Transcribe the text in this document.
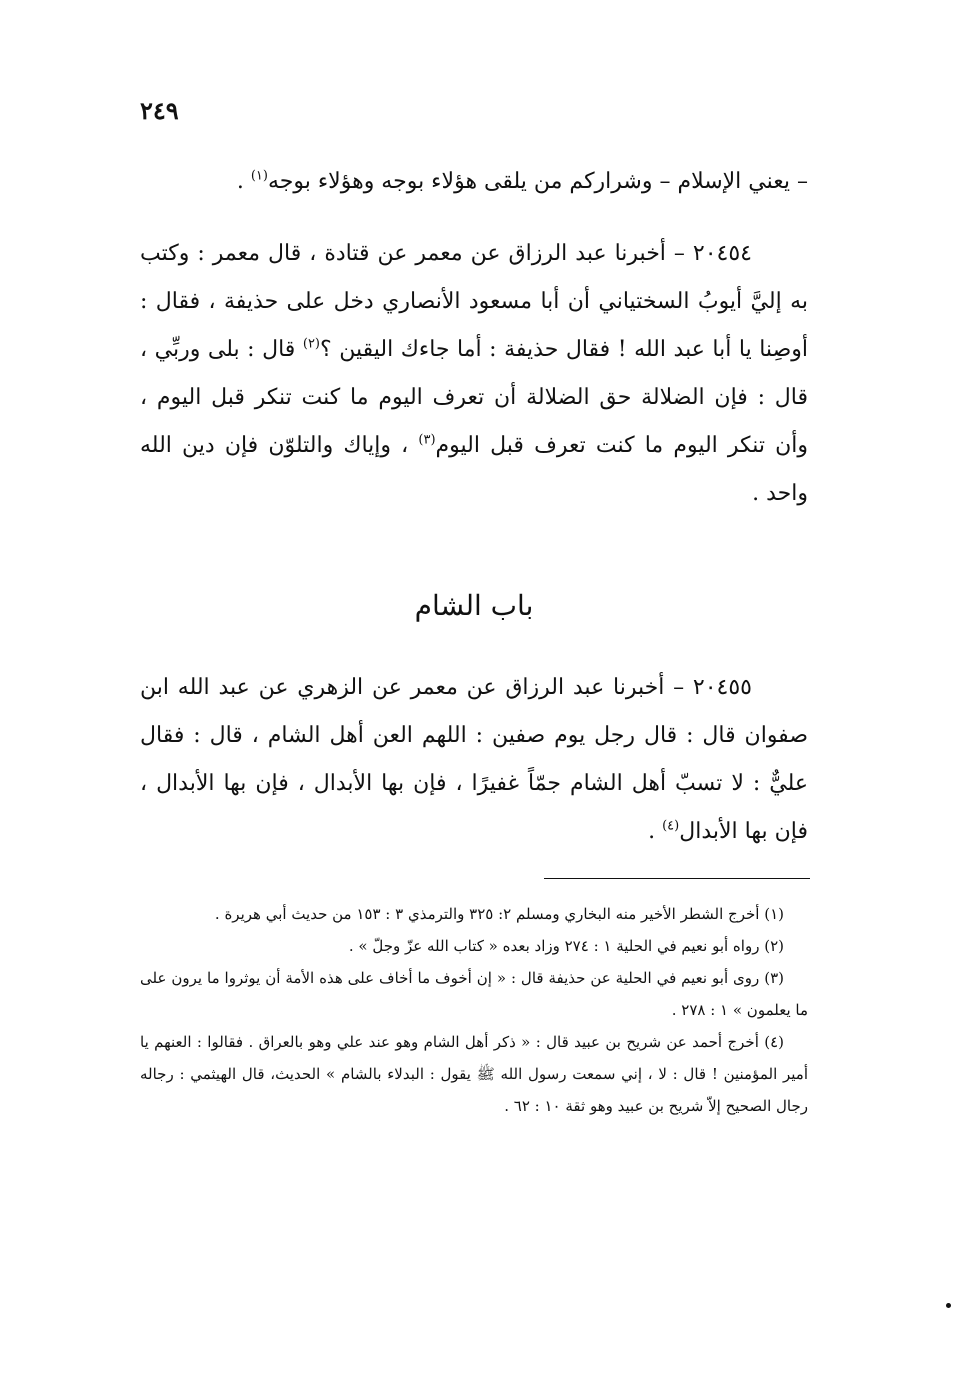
٢٤٩

– يعني الإسلام – وشراركم من يلقى هؤلاء بوجه وهؤلاء بوجه$^{(١)}$ .

٢٠٤٥٤ – أخبرنا عبد الرزاق عن معمر عن قتادة ، قال معمر : وكتب به إليَّ أيوبُ السختياني أن أبا مسعود الأنصاري دخل على حذيفة ، فقال : أوصِنا يا أبا عبد الله ! فقال حذيفة : أما جاءك اليقين ؟$^{(٢)}$ قال : بلى وربِّي ، قال : فإن الضلالة حق الضلالة أن تعرف اليوم ما كنت تنكر قبل اليوم ، وأن تنكر اليوم ما كنت تعرف قبل اليوم$^{(٣)}$ ، وإياك والتلوّن فإن دين الله واحد .

باب الشام

٢٠٤٥٥ – أخبرنا عبد الرزاق عن معمر عن الزهري عن عبد الله ابن صفوان قال : قال رجل يوم صفين : اللهم العن أهل الشام ، قال : فقال عليٌّ : لا تسبّ أهل الشام جمّاً غفيرًا ، فإن بها الأبدال ، فإن بها الأبدال ، فإن بها الأبدال$^{(٤)}$ .

(١) أخرج الشطر الأخير منه البخاري ومسلم ٢: ٣٢٥ والترمذي ٣ : ١٥٣ من حديث أبي هريرة .

(٢) رواه أبو نعيم في الحلية ١ : ٢٧٤ وزاد بعده « كتاب الله عزّ وجلّ » .

(٣) روى أبو نعيم في الحلية عن حذيفة قال : « إن أخوف ما أخاف على هذه الأمة أن يوثروا ما يرون على ما يعلمون » ١ : ٢٧٨ .

(٤) أخرج أحمد عن شريح بن عبيد قال : « ذكر أهل الشام وهو عند علي وهو بالعراق . فقالوا : العنهم يا أمير المؤمنين ! قال : لا ، إني سمعت رسول الله ﷺ يقول : البدلاء بالشام » الحديث، قال الهيثمي : رجاله رجال الصحيح إلاّ شريح بن عبيد وهو ثقة ١٠ : ٦٢ .
